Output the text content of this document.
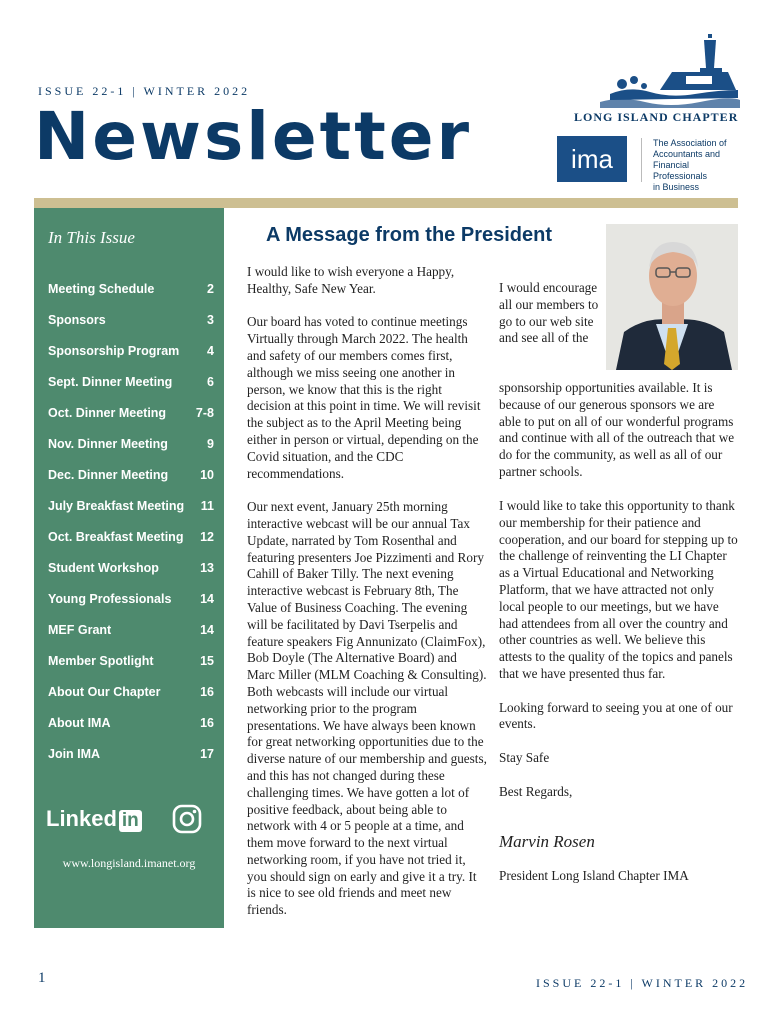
ISSUE 22-1 | WINTER 2022
Newsletter	LONG ISLAND CHAPTER
ima
The Association of
Accountants and
Financial Professionals
in Business
In This Issue
Meeting Schedule	2
Sponsors	3
Sponsorship Program 4
Sept. Dinner Meeting	6
Oct. Dinner Meeting 7-8
Nov. Dinner Meeting	9
Dec. Dinner Meeting	10
July Breakfast Meeting 11
Oct. Breakfast Meeting 12
Student Workshop	13
Young Professionals 14
MEF Grant	14
Member Spotlight	15
About Our Chapter	16
About IMA	16
Join IMA	17
Linked in
www.longisland.imanet.org
A Message from the President

I would like to wish everyone a Happy, Healthy, Safe New Year.

Our board has voted to continue meetings Virtually through March 2022. The health and safety of our members comes first, although we miss seeing one another in person, we know that this is the right decision at this point in time. We will revisit the subject as to the April Meeting being either in person or virtual, depending on the Covid situation, and the CDC recommendations.

Our next event, January 25th morning interactive webcast will be our annual Tax Update, narrated by Tom Rosenthal and featuring presenters Joe Pizzimenti and Rory Cahill of Baker Tilly. The next evening interactive webcast is February 8th, The Value of Business Coaching. The evening will be facilitated by Davi Tserpelis and feature speakers Fig Annunizato (ClaimFox), Bob Doyle (The Alternative Board) and Marc Miller (MLM Coaching & Consulting). Both webcasts will include our virtual networking prior to the program presentations. We have always been known for great networking opportunities due to the diverse nature of our membership and guests, and this has not changed during these challenging times. We have gotten a lot of positive feedback, about being able to network with 4 or 5 people at a time, and them move forward to the next virtual networking room, if you have not tried it, you should sign on early and give it a try. It is nice to see old friends and meet new friends.

I would encourage all our members to go to our web site and see all of the
sponsorship opportunities available. It is because of our generous sponsors we are able to put on all of our wonderful programs and continue with all of the outreach that we do for the community, as well as all of our partner schools.

I would like to take this opportunity to thank our membership for their patience and cooperation, and our board for stepping up to the challenge of reinventing the LI Chapter as a Virtual Educational and Networking Platform, that we have attracted not only local people to our meetings, but we have had attendees from all over the country and other countries as well. We believe this attests to the quality of the topics and panels that we have presented thus far.

Looking forward to seeing you at one of our events.

Stay Safe

Best Regards,

Marvin Rosen
President Long Island Chapter IMA
1	ISSUE 22-1 | WINTER 2022
